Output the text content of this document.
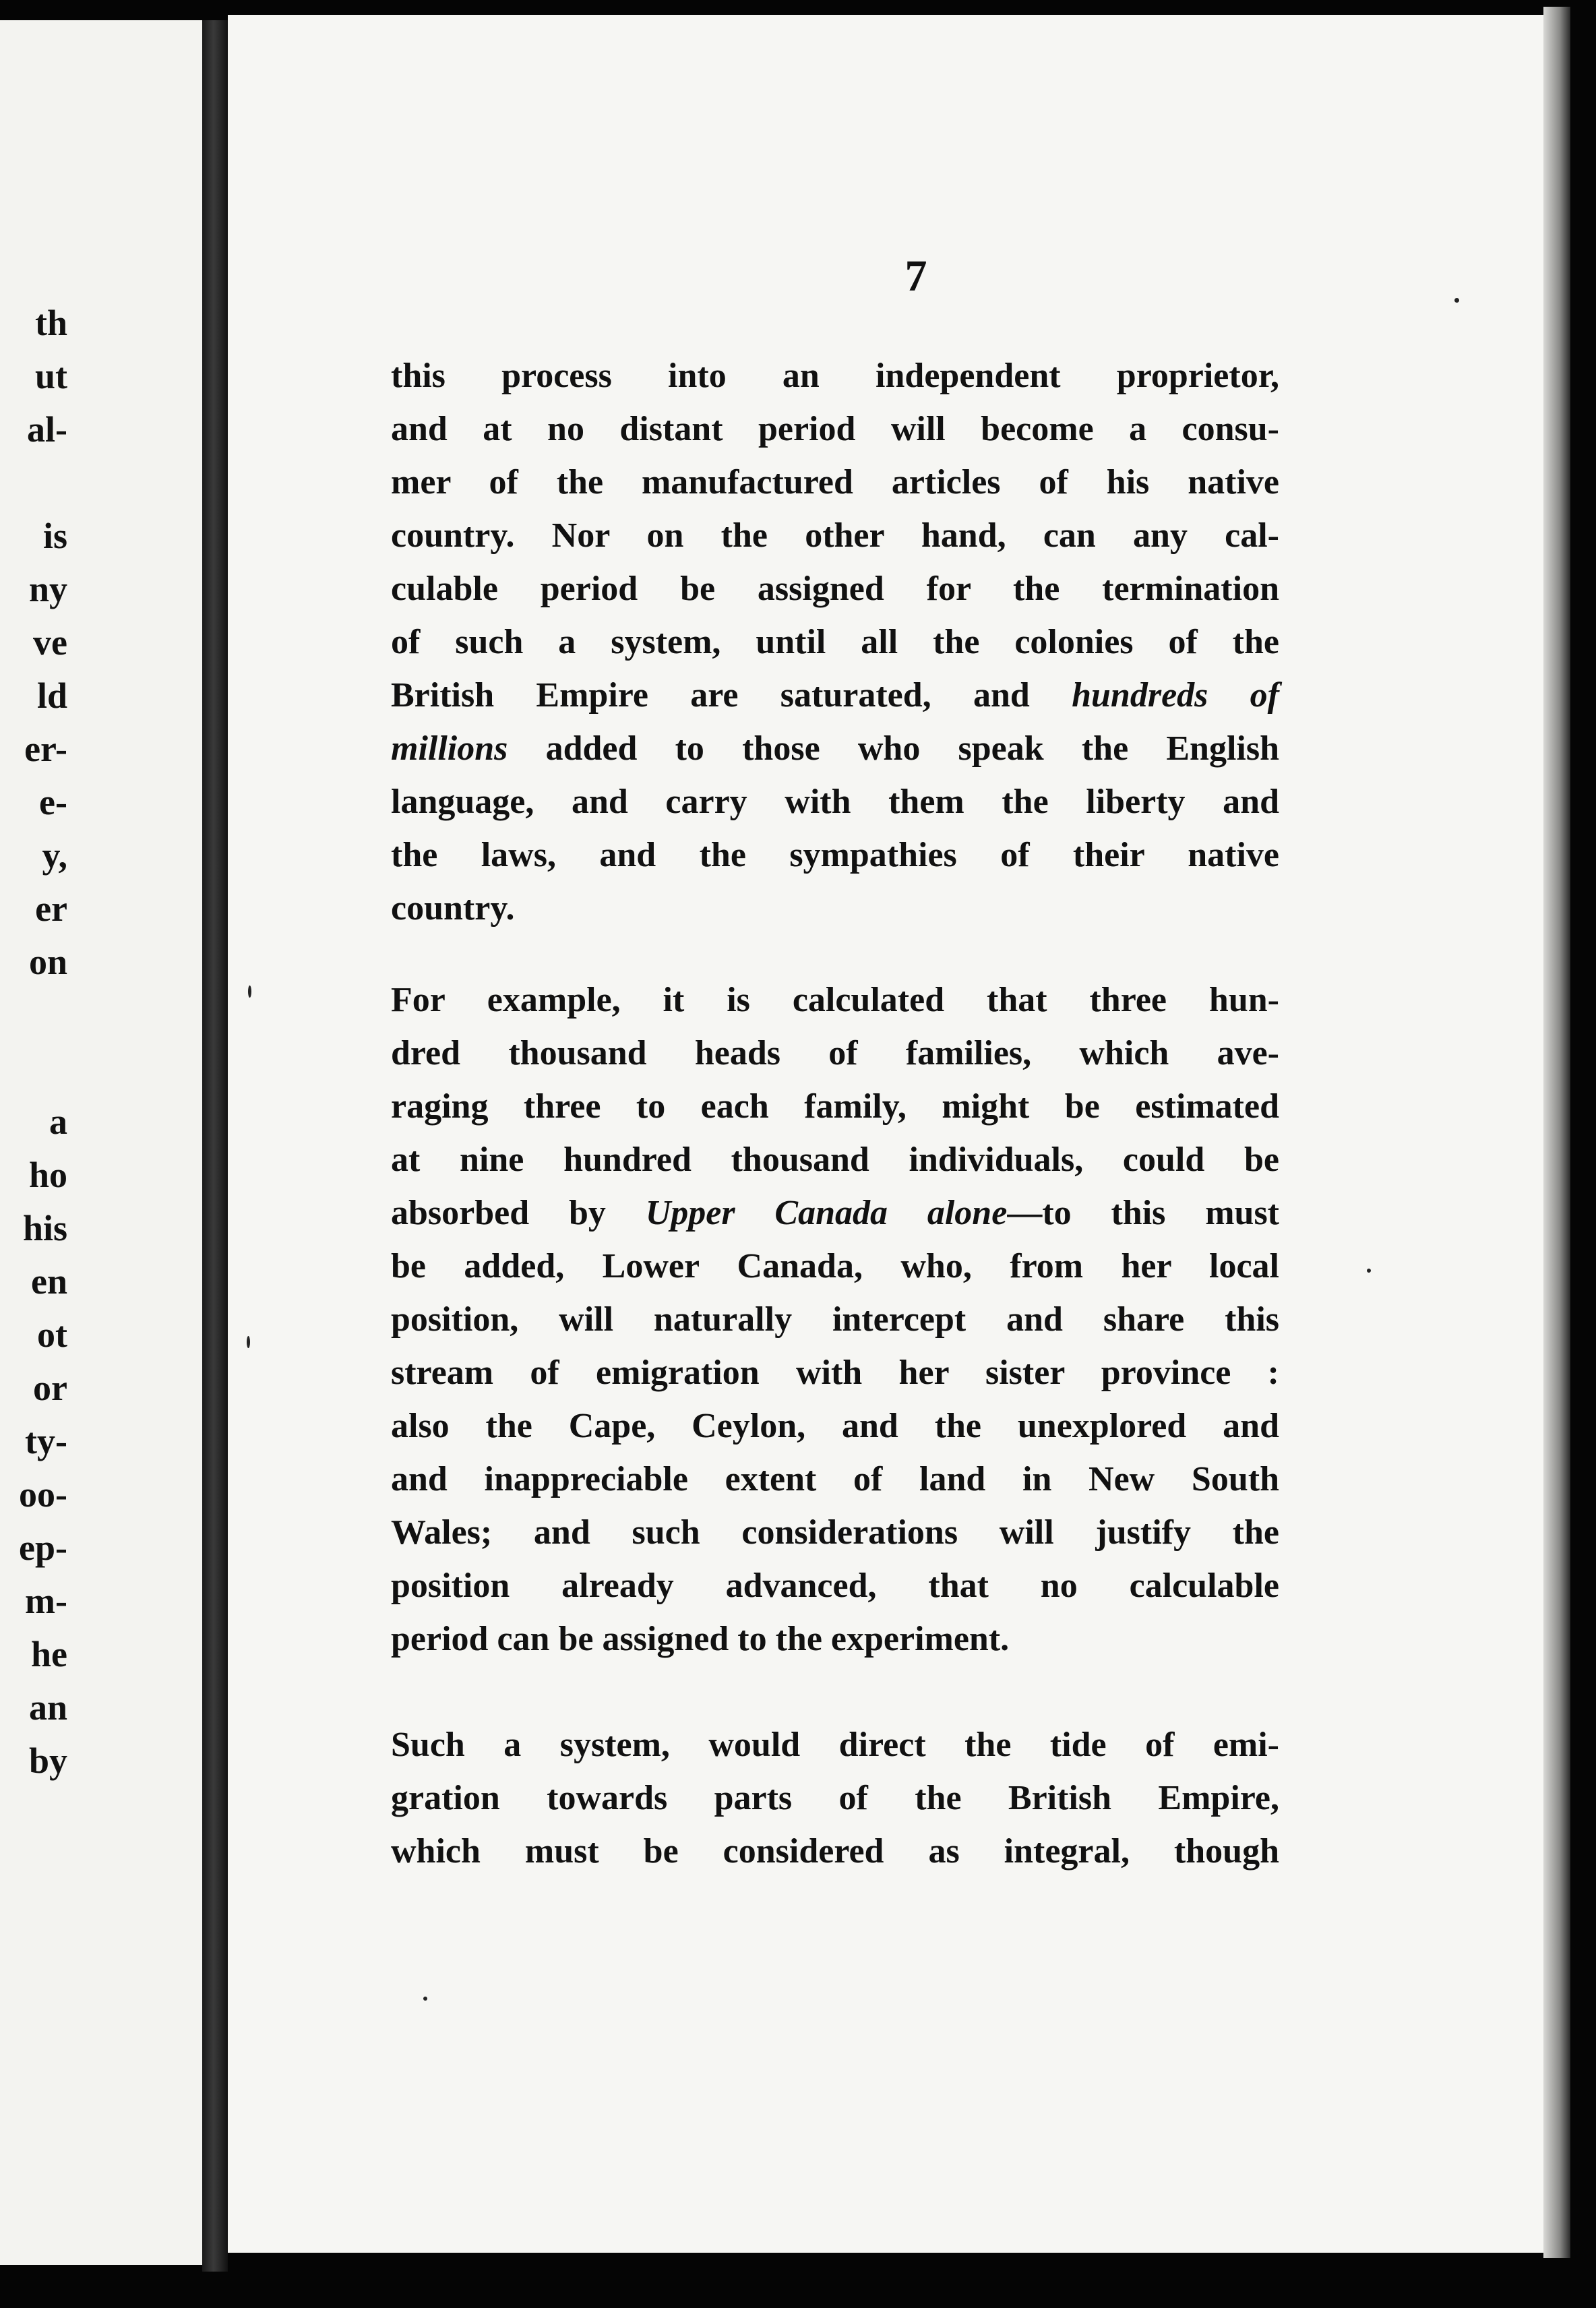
th
ut
al-
is
ny
ve
ld
er-
e-
y,
er
on
a
ho
his
en
ot
or
ty-
oo-
ep-
m-
he
an
by
7
this process into an independent proprietor,
and at no distant period will become a consu-
mer of the manufactured articles of his native
country. Nor on the other hand, can any cal-
culable period be assigned for the termination
of such a system, until all the colonies of the
British Empire are saturated, and hundreds of
millions added to those who speak the English
language, and carry with them the liberty and
the laws, and the sympathies of their native
country.
For example, it is calculated that three hun-
dred thousand heads of families, which ave-
raging three to each family, might be estimated
at nine hundred thousand individuals, could be
absorbed by Upper Canada alone—to this must
be added, Lower Canada, who, from her local
position, will naturally intercept and share this
stream of emigration with her sister province :
also the Cape, Ceylon, and the unexplored and
and inappreciable extent of land in New South
Wales; and such considerations will justify the
position already advanced, that no calculable
period can be assigned to the experiment.
Such a system, would direct the tide of emi-
gration towards parts of the British Empire,
which must be considered as integral, though
